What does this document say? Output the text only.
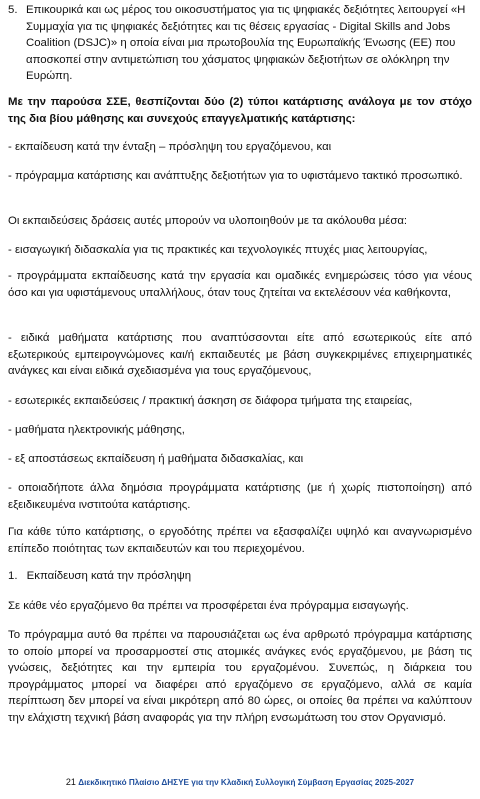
5. Επικουρικά και ως μέρος του οικοσυστήματος για τις ψηφιακές δεξιότητες λειτουργεί «Η Συμμαχία για τις ψηφιακές δεξιότητες και τις θέσεις εργασίας - Digital Skills and Jobs Coalition (DSJC)» η οποία είναι μια πρωτοβουλία της Ευρωπαϊκής Ένωσης (ΕΕ) που αποσκοπεί στην αντιμετώπιση του χάσματος ψηφιακών δεξιοτήτων σε ολόκληρη την Ευρώπη.
Με την παρούσα ΣΣΕ, θεσπίζονται δύο (2) τύποι κατάρτισης ανάλογα με τον στόχο της δια βίου μάθησης και συνεχούς επαγγελματικής κατάρτισης:
- εκπαίδευση κατά την ένταξη – πρόσληψη του εργαζόμενου, και
- πρόγραμμα κατάρτισης και ανάπτυξης δεξιοτήτων για το υφιστάμενο τακτικό προσωπικό.
Οι εκπαιδεύσεις δράσεις αυτές μπορούν να υλοποιηθούν με τα ακόλουθα μέσα:
- εισαγωγική διδασκαλία για τις πρακτικές και τεχνολογικές πτυχές μιας λειτουργίας,
- προγράμματα εκπαίδευσης κατά την εργασία και ομαδικές ενημερώσεις τόσο για νέους όσο και για υφιστάμενους υπαλλήλους, όταν τους ζητείται να εκτελέσουν νέα καθήκοντα,
- ειδικά μαθήματα κατάρτισης που αναπτύσσονται είτε από εσωτερικούς είτε από εξωτερικούς εμπειρογνώμονες και/ή εκπαιδευτές με βάση συγκεκριμένες επιχειρηματικές ανάγκες και είναι ειδικά σχεδιασμένα για τους εργαζόμενους,
- εσωτερικές εκπαιδεύσεις / πρακτική άσκηση σε διάφορα τμήματα της εταιρείας,
- μαθήματα ηλεκτρονικής μάθησης,
- εξ αποστάσεως εκπαίδευση ή μαθήματα διδασκαλίας, και
- οποιαδήποτε άλλα δημόσια προγράμματα κατάρτισης (με ή χωρίς πιστοποίηση) από εξειδικευμένα ινστιτούτα κατάρτισης.
Για κάθε τύπο κατάρτισης, ο εργοδότης πρέπει να εξασφαλίζει υψηλό και αναγνωρισμένο επίπεδο ποιότητας των εκπαιδευτών και του περιεχομένου.
1. Εκπαίδευση κατά την πρόσληψη
Σε κάθε νέο εργαζόμενο θα πρέπει να προσφέρεται ένα πρόγραμμα εισαγωγής.
Το πρόγραμμα αυτό θα πρέπει να παρουσιάζεται ως ένα αρθρωτό πρόγραμμα κατάρτισης το οποίο μπορεί να προσαρμοστεί στις ατομικές ανάγκες ενός εργαζόμενου, με βάση τις γνώσεις, δεξιότητες και την εμπειρία του εργαζομένου. Συνεπώς, η διάρκεια του προγράμματος μπορεί να διαφέρει από εργαζόμενο σε εργαζόμενο, αλλά σε καμία περίπτωση δεν μπορεί να είναι μικρότερη από 80 ώρες, οι οποίες θα πρέπει να καλύπτουν την ελάχιστη τεχνική βάση αναφοράς για την πλήρη ενσωμάτωση του στον Οργανισμό.
21 Διεκδικητικό Πλαίσιο ΔΗΣΥΕ για την Κλαδική Συλλογική Σύμβαση Εργασίας 2025-2027
